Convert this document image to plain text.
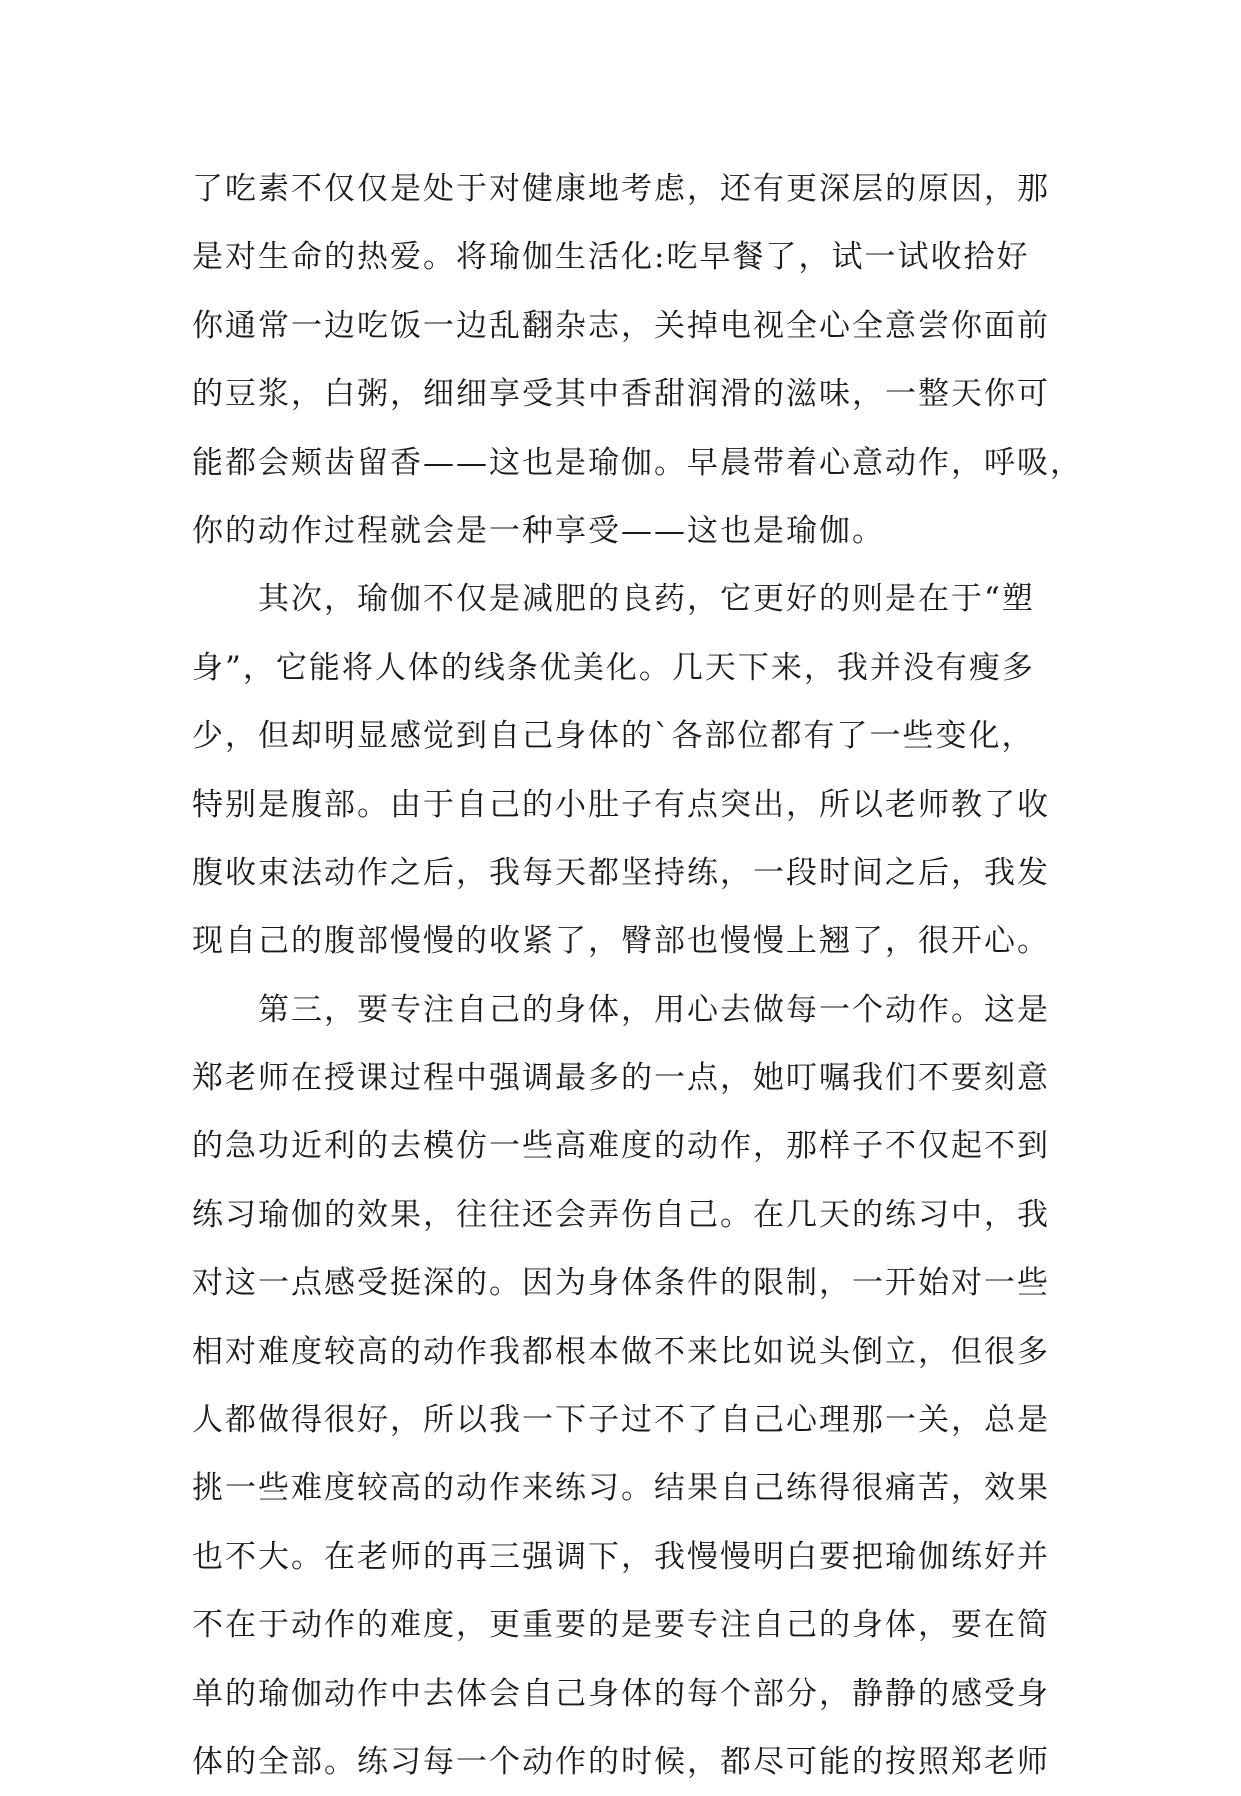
了吃素不仅仅是处于对健康地考虑，还有更深层的原因，那
是对生命的热爱。将瑜伽生活化:吃早餐了，试一试收拾好
你通常一边吃饭一边乱翻杂志，关掉电视全心全意尝你面前
的豆浆，白粥，细细享受其中香甜润滑的滋味，一整天你可
能都会颊齿留香——这也是瑜伽。早晨带着心意动作，呼吸，
你的动作过程就会是一种享受——这也是瑜伽。
其次，瑜伽不仅是减肥的良药，它更好的则是在于“塑
身”，它能将人体的线条优美化。几天下来，我并没有瘦多
少，但却明显感觉到自己身体的`各部位都有了一些变化，
特别是腹部。由于自己的小肚子有点突出，所以老师教了收
腹收束法动作之后，我每天都坚持练，一段时间之后，我发
现自己的腹部慢慢的收紧了，臀部也慢慢上翘了，很开心。
第三，要专注自己的身体，用心去做每一个动作。这是
郑老师在授课过程中强调最多的一点，她叮嘱我们不要刻意
的急功近利的去模仿一些高难度的动作，那样子不仅起不到
练习瑜伽的效果，往往还会弄伤自己。在几天的练习中，我
对这一点感受挺深的。因为身体条件的限制，一开始对一些
相对难度较高的动作我都根本做不来比如说头倒立，但很多
人都做得很好，所以我一下子过不了自己心理那一关，总是
挑一些难度较高的动作来练习。结果自己练得很痛苦，效果
也不大。在老师的再三强调下，我慢慢明白要把瑜伽练好并
不在于动作的难度，更重要的是要专注自己的身体，要在简
单的瑜伽动作中去体会自己身体的每个部分，静静的感受身
体的全部。练习每一个动作的时候，都尽可能的按照郑老师
